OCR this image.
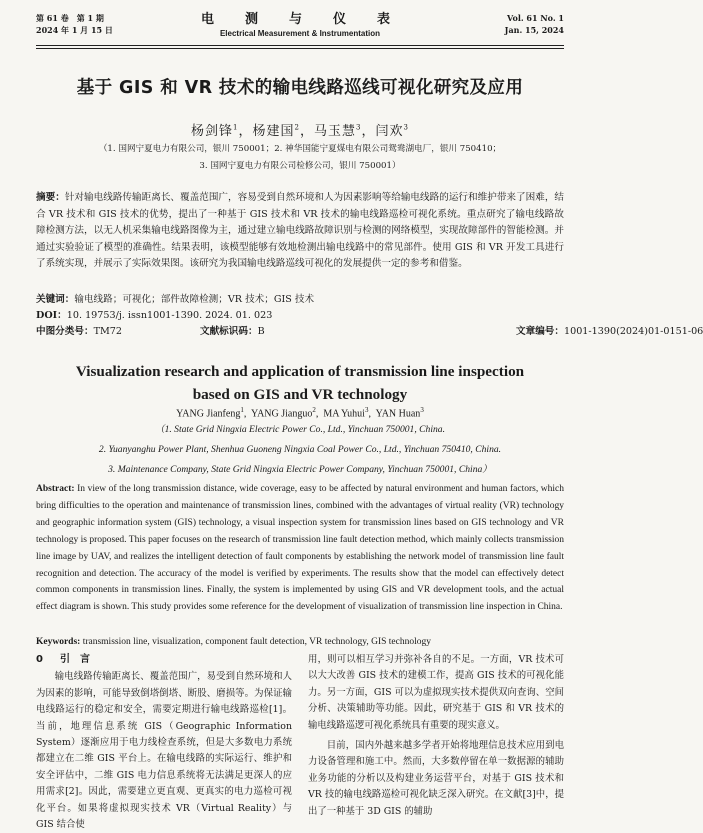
第 61 卷　第 1 期
2024 年 1 月 15 日
电　测　与　仪　表
Electrical Measurement & Instrumentation
Vol. 61 No. 1
Jan. 15, 2024
基于 GIS 和 VR 技术的输电线路巡线可视化研究及应用
杨剑锋$^1$，杨建国$^2$，马玉慧$^3$，闫欢$^3$
（1. 国网宁夏电力有限公司，银川 750001；2. 神华国能宁夏煤电有限公司鸳鸯湖电厂，银川 750410；
3. 国网宁夏电力有限公司检修公司，银川 750001）
摘要：针对输电线路传输距离长、覆盖范围广，容易受到自然环境和人为因素影响等给输电线路的运行和维护带来了困难，结合 VR 技术和 GIS 技术的优势，提出了一种基于 GIS 技术和 VR 技术的输电线路巡检可视化系统。重点研究了输电线路故障检测方法，以无人机采集输电线路图像为主，通过建立输电线路故障识别与检测的网络模型，实现故障部件的智能检测。并通过实验验证了模型的准确性。结果表明，该模型能够有效地检测出输电线路中的常见部件。使用 GIS 和 VR 开发工具进行了系统实现，并展示了实际效果图。该研究为我国输电线路巡线可视化的发展提供一定的参考和借鉴。
关键词：输电线路；可视化；部件故障检测；VR 技术；GIS 技术
DOI：10. 19753/j. issn1001-1390. 2024. 01. 023
中图分类号： TM72	文献标识码： B	文章编号： 1001-1390(2024)01-0151-06
Visualization research and application of transmission line inspection
based on GIS and VR technology
YANG Jianfeng$^1$,  YANG Jianguo$^2$,  MA Yuhui$^3$,  YAN Huan$^3$
（1. State Grid Ningxia Electric Power Co., Ltd., Yinchuan 750001, China.
2. Yuanyanghu Power Plant, Shenhua Guoneng Ningxia Coal Power Co., Ltd., Yinchuan 750410, China.
3. Maintenance Company, State Grid Ningxia Electric Power Company, Yinchuan 750001, China）
Abstract: In view of the long transmission distance, wide coverage, easy to be affected by natural environment and human factors, which bring difficulties to the operation and maintenance of transmission lines, combined with the advantages of virtual reality (VR) technology and geographic information system (GIS) technology, a visual inspection system for transmission lines based on GIS technology and VR technology is proposed. This paper focuses on the research of transmission line fault detection method, which mainly collects transmission line image by UAV, and realizes the intelligent detection of fault components by establishing the network model of transmission line fault recognition and detection. The accuracy of the model is verified by experiments. The results show that the model can effectively detect common components in transmission lines. Finally, the system is implemented by using GIS and VR development tools, and the actual effect diagram is shown. This study provides some reference for the development of visualization of transmission line inspection in China.
Keywords: transmission line, visualization, component fault detection, VR technology, GIS technology
0 引　言

输电线路传输距离长、覆盖范围广，易受到自然环境和人为因素的影响，可能导致倒塔倒塔、断股、磨损等。为保证输电线路运行的稳定和安全，需要定期进行输电线路巡检[1]。当前，地理信息系统 GIS（Geographic Information System）逐渐应用于电力线检查系统，但是大多数电力系统都建立在二维 GIS 平台上。在输电线路的实际运行、维护和安全评估中，二维 GIS 电力信息系统将无法满足更深人的应用需求[2]。因此，需要建立更直观、更真实的电力巡检可视化平台。如果将虚拟现实技术 VR（Virtual Reality）与 GIS 结合使

用，则可以相互学习并弥补各自的不足。一方面，VR 技术可以大大改善 GIS 技术的建模工作，提高 GIS 技术的可视化能力。另一方面，GIS 可以为虚拟现实技术提供双向查询、空间分析、决策辅助等功能。因此，研究基于 GIS 和 VR 技术的输电线路巡逻可视化系统具有重要的现实意义。

目前，国内外越来越多学者开始将地理信息技术应用到电力设备管理和施工中。然而，大多数停留在单一数据源的辅助业务功能的分析以及构建业务运营平台，对基于 GIS 技术和 VR 技的输电线路巡检可视化缺乏深入研究。在文献[3]中，提出了一种基于 3D GIS 的辅助
